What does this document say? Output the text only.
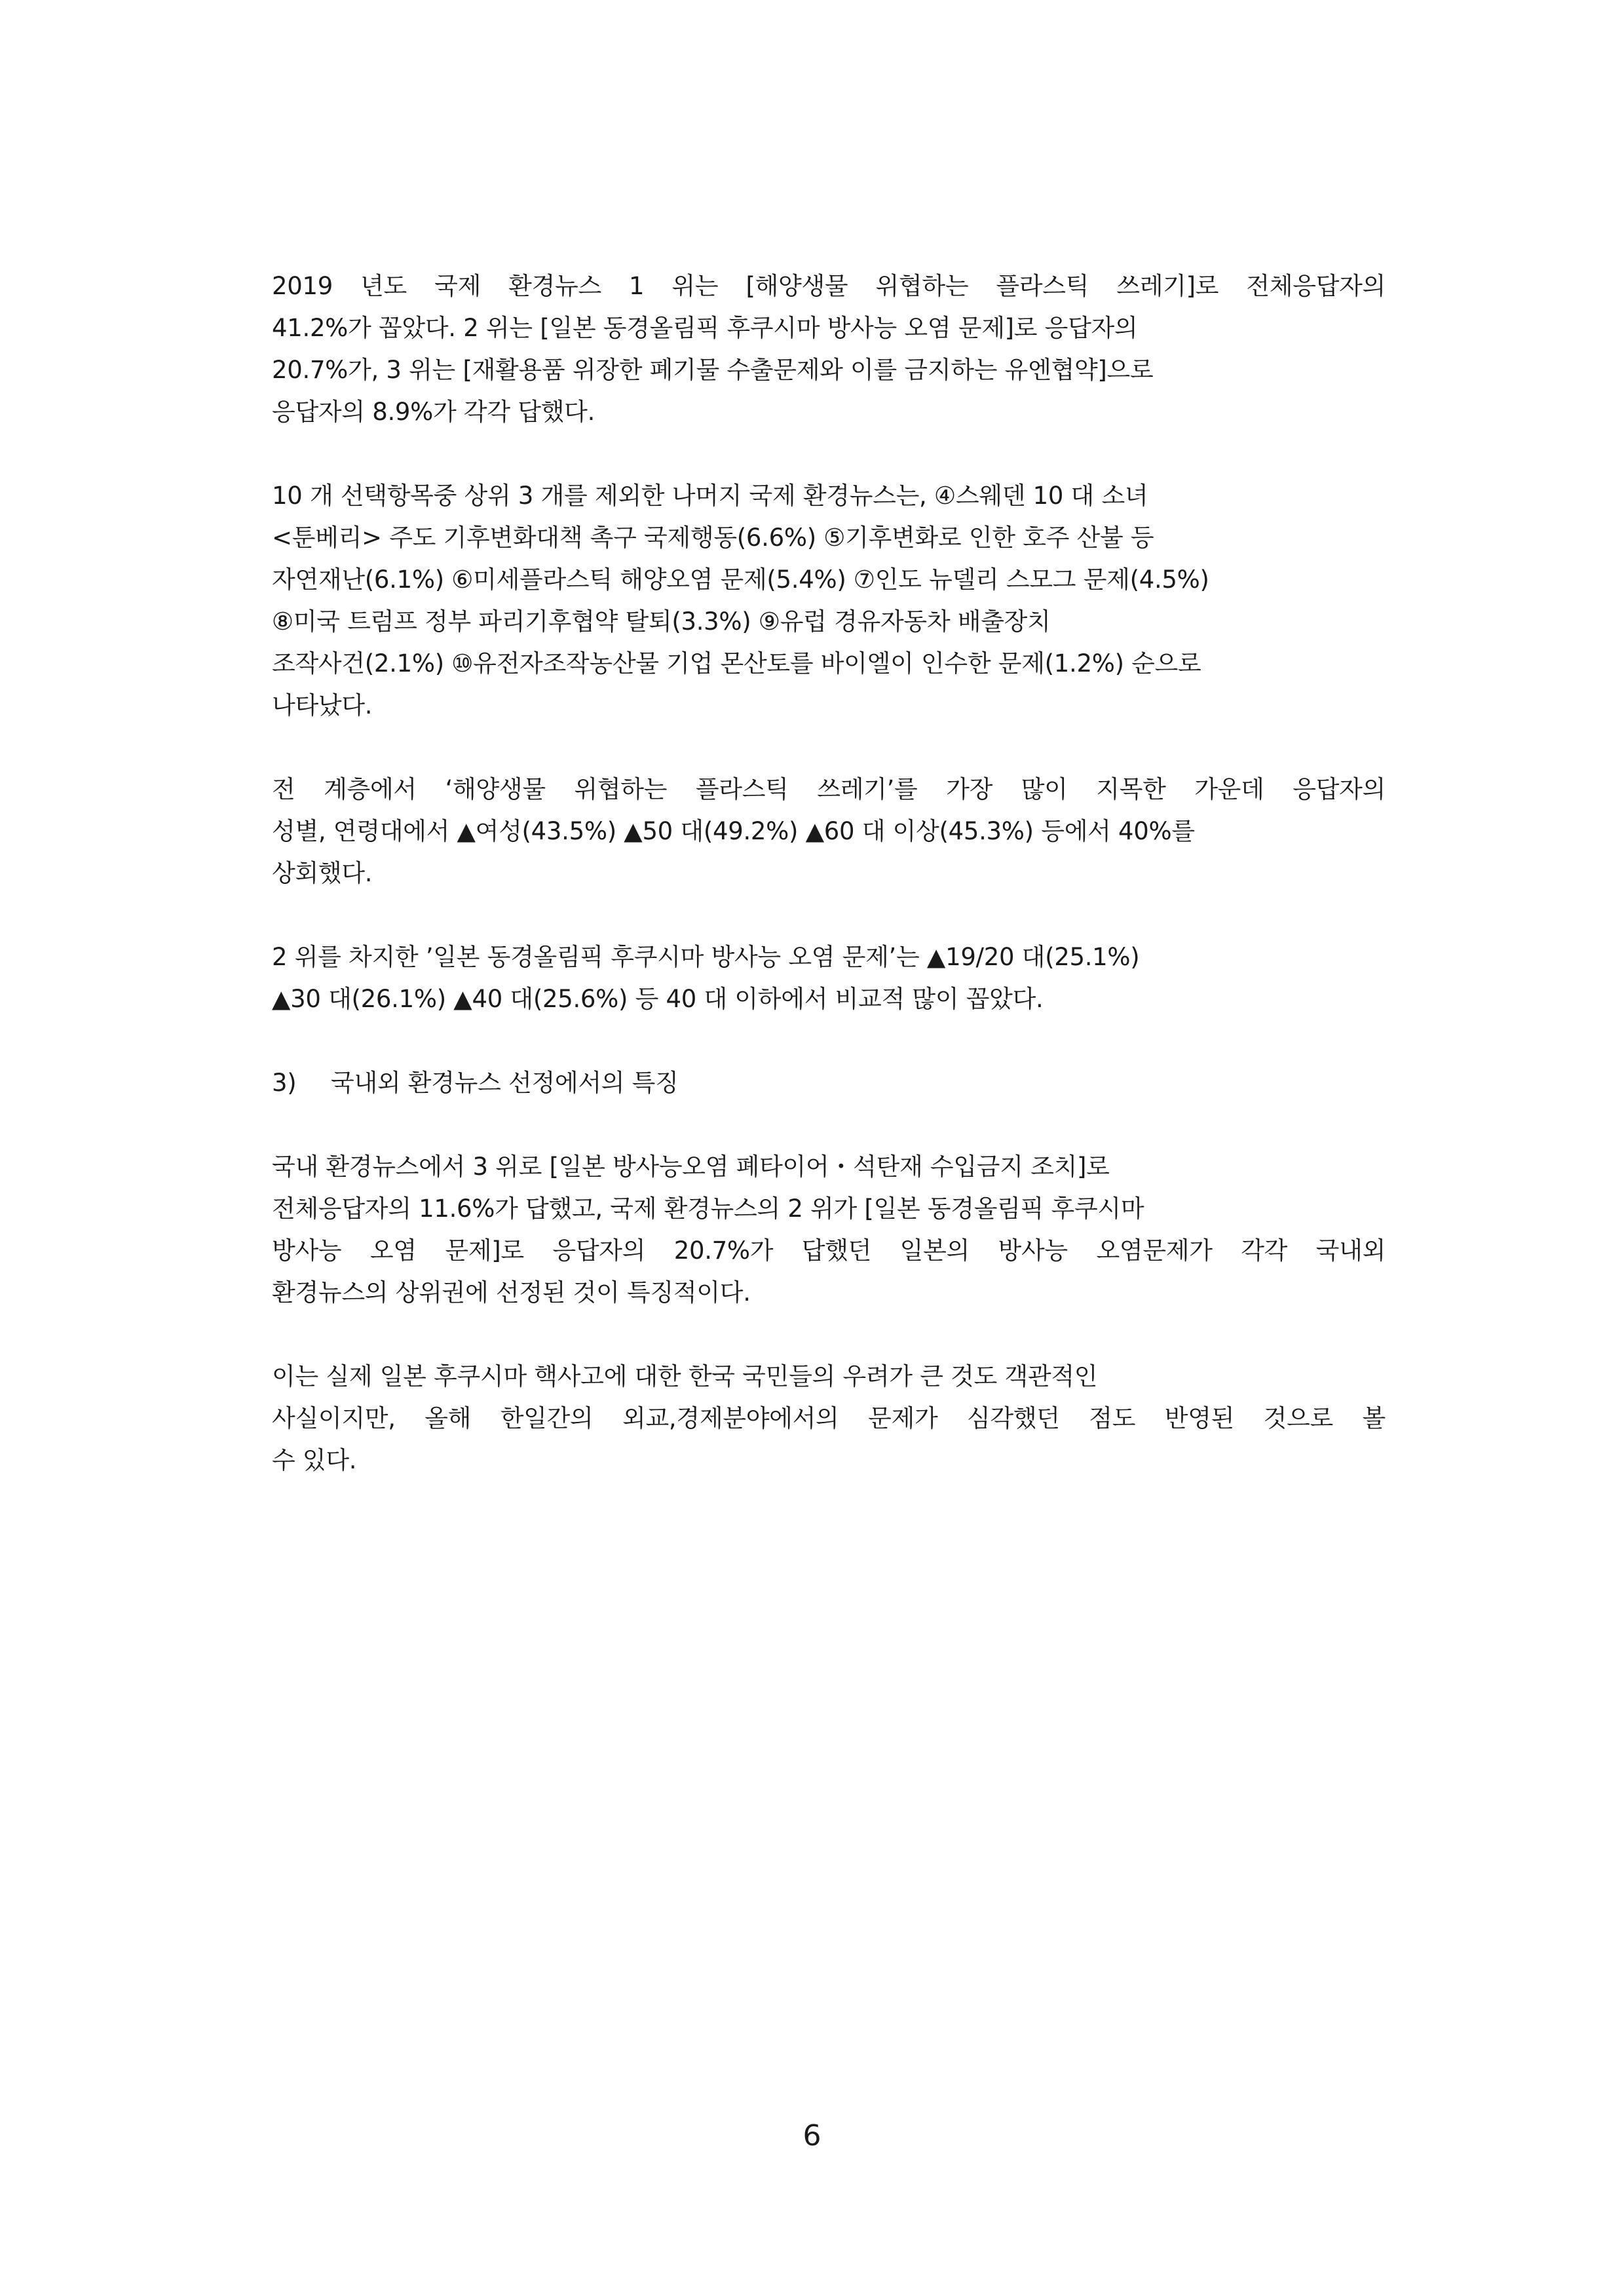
2019 년도 국제 환경뉴스 1 위는 [해양생물 위협하는 플라스틱 쓰레기]로 전체응답자의
41.2%가 꼽았다. 2 위는 [일본 동경올림픽 후쿠시마 방사능 오염 문제]로 응답자의
20.7%가, 3 위는 [재활용품 위장한 폐기물 수출문제와 이를 금지하는 유엔협약]으로
응답자의 8.9%가 각각 답했다.

10 개 선택항목중 상위 3 개를 제외한 나머지 국제 환경뉴스는, ④스웨덴 10 대 소녀
<툰베리> 주도 기후변화대책 촉구 국제행동(6.6%) ⑤기후변화로 인한 호주 산불 등
자연재난(6.1%) ⑥미세플라스틱 해양오염 문제(5.4%) ⑦인도 뉴델리 스모그 문제(4.5%)
⑧미국 트럼프 정부 파리기후협약 탈퇴(3.3%) ⑨유럽 경유자동차 배출장치
조작사건(2.1%) ⑩유전자조작농산물 기업 몬산토를 바이엘이 인수한 문제(1.2%) 순으로
나타났다.

전 계층에서 ‘해양생물 위협하는 플라스틱 쓰레기’를 가장 많이 지목한 가운데 응답자의
성별, 연령대에서 ▲여성(43.5%) ▲50 대(49.2%) ▲60 대 이상(45.3%) 등에서 40%를
상회했다.

2 위를 차지한 ’일본 동경올림픽 후쿠시마 방사능 오염 문제’는 ▲19/20 대(25.1%)
▲30 대(26.1%) ▲40 대(25.6%) 등 40 대 이하에서 비교적 많이 꼽았다.

3) 국내외 환경뉴스 선정에서의 특징

국내 환경뉴스에서 3 위로 [일본 방사능오염 폐타이어・석탄재 수입금지 조치]로
전체응답자의 11.6%가 답했고, 국제 환경뉴스의 2 위가 [일본 동경올림픽 후쿠시마
방사능 오염 문제]로 응답자의 20.7%가 답했던 일본의 방사능 오염문제가 각각 국내외
환경뉴스의 상위권에 선정된 것이 특징적이다.

이는 실제 일본 후쿠시마 핵사고에 대한 한국 국민들의 우려가 큰 것도 객관적인
사실이지만, 올해 한일간의 외교,경제분야에서의 문제가 심각했던 점도 반영된 것으로 볼
수 있다.

6
